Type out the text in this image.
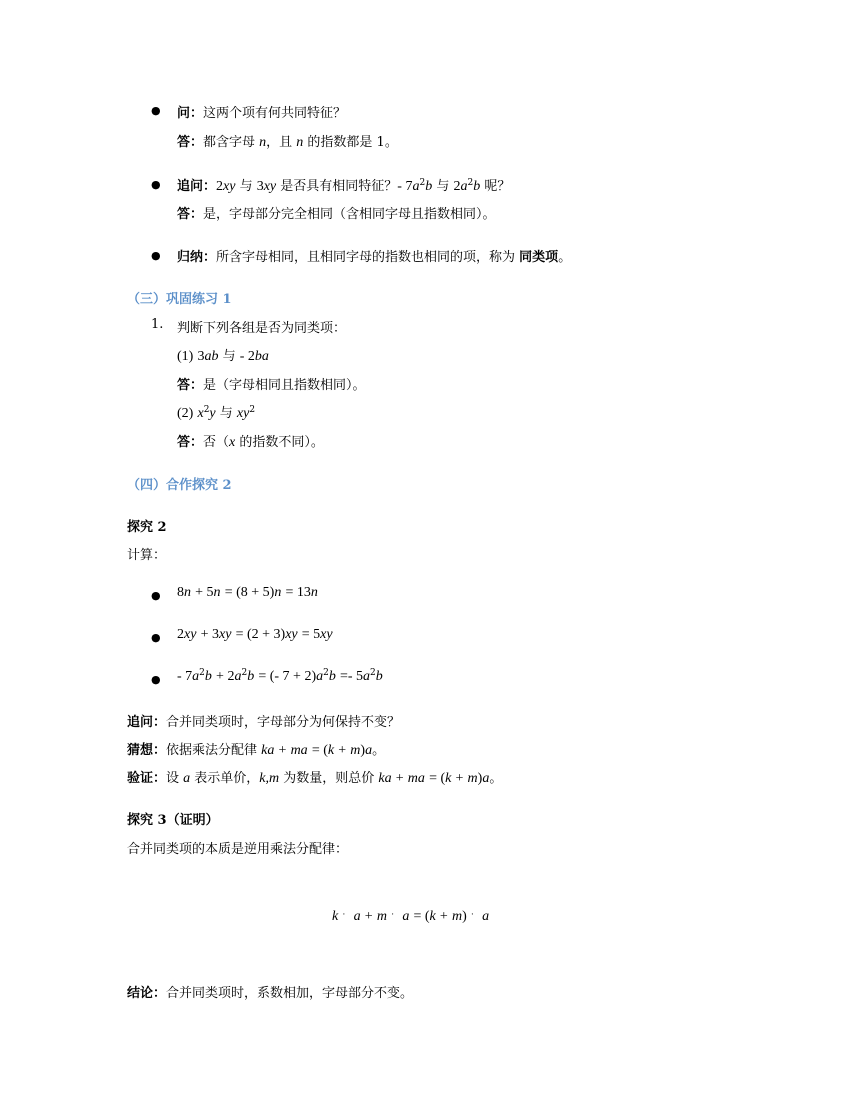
● 问：这两个项有何共同特征？
答：都含字母 n，且 n 的指数都是 1。
● 追问：2xy 与 3xy 是否具有相同特征？- $7a^2b$ 与 $2a^2b$ 呢？
答：是，字母部分完全相同（含相同字母且指数相同）。
● 归纳：所含字母相同，且相同字母的指数也相同的项，称为 同类项。
（三）巩固练习 1
1. 判断下列各组是否为同类项：
(1) 3ab 与 - 2ba
答：是（字母相同且指数相同）。
(2) $x^2y$ 与 $xy^2$
答：否（x 的指数不同）。
（四）合作探究 2
探究 2
计算：
● 8n + 5n = (8 + 5)n = 13n
● 2xy + 3xy = (2 + 3)xy = 5xy
● - $7a^2b + 2a^2b$ = (- $7 + 2)a^2b =- 5a^2b$
追问：合并同类项时，字母部分为何保持不变？
猜想：依据乘法分配律 ka + ma = (k + m)a。
验证：设 a 表示单价，k,m 为数量，则总价 ka + ma = (k + m)a。
探究 3（证明）
合并同类项的本质是逆用乘法分配律：
k · a + m · a = (k + m) · a
结论：合并同类项时，系数相加，字母部分不变。
